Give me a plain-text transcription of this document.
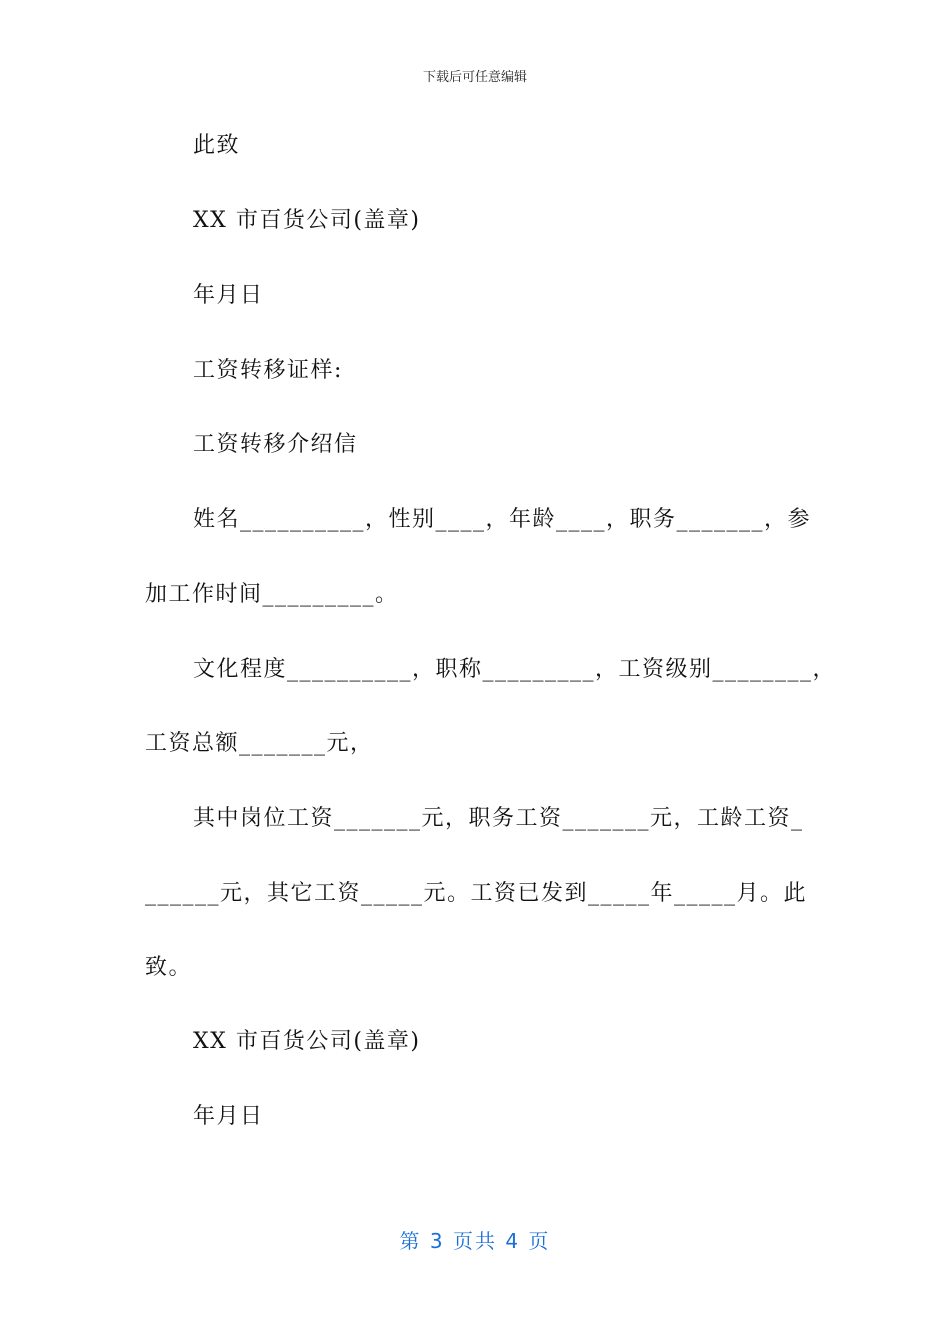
下载后可任意编辑
此致
XX 市百货公司(盖章)
年月日
工资转移证样:
工资转移介绍信
姓名__________，性别____，年龄____，职务_______，参
加工作时间_________。
文化程度__________，职称_________，工资级别________，
工资总额_______元，
其中岗位工资_______元，职务工资_______元，工龄工资_
______元，其它工资_____元。工资已发到_____年_____月。此
致。
XX 市百货公司(盖章)
年月日
第 3 页共 4 页
